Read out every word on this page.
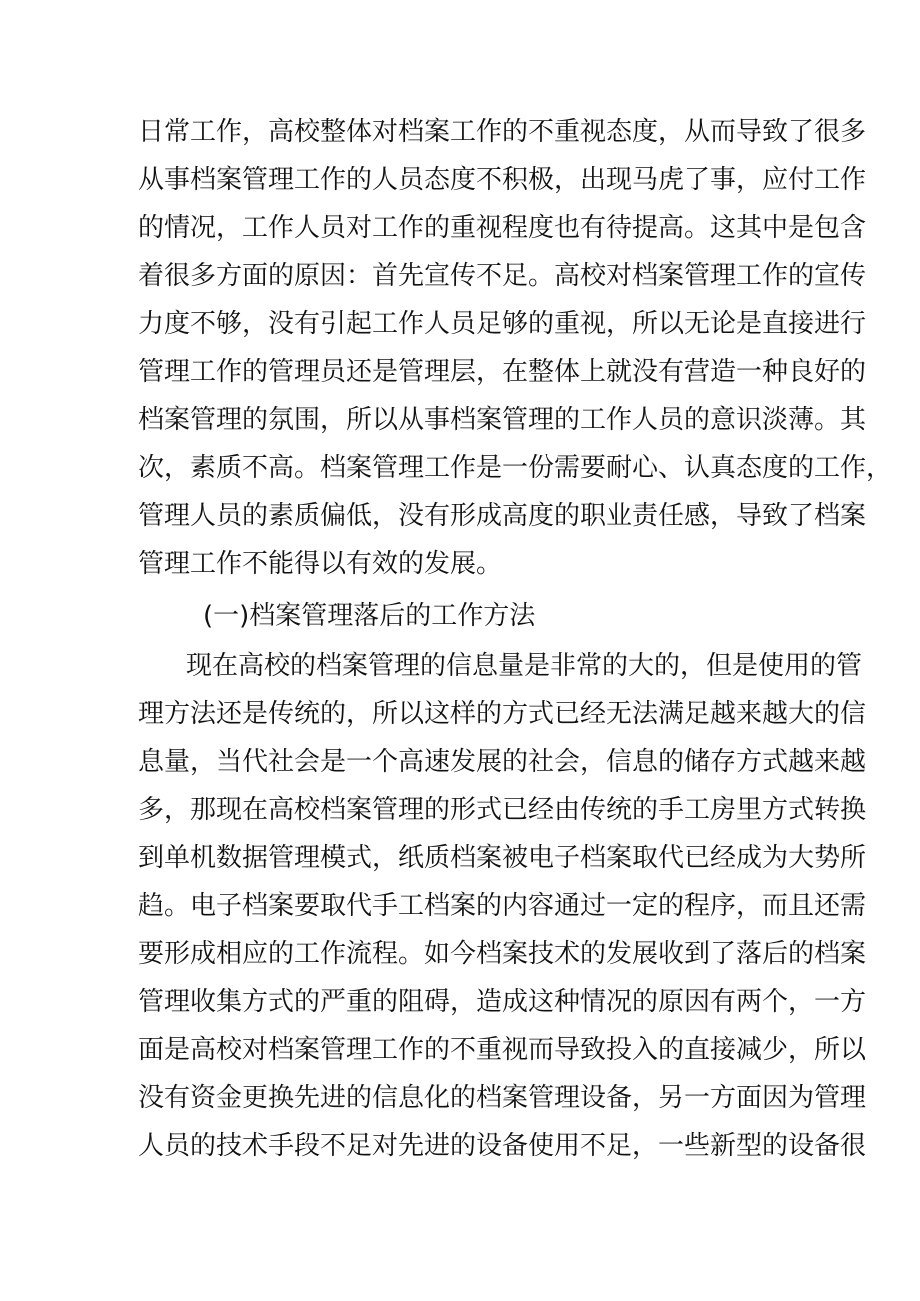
日常工作，高校整体对档案工作的不重视态度，从而导致了很多
从事档案管理工作的人员态度不积极，出现马虎了事，应付工作
的情况，工作人员对工作的重视程度也有待提高。这其中是包含
着很多方面的原因：首先宣传不足。高校对档案管理工作的宣传
力度不够，没有引起工作人员足够的重视，所以无论是直接进行
管理工作的管理员还是管理层，在整体上就没有营造一种良好的
档案管理的氛围，所以从事档案管理的工作人员的意识淡薄。其
次，素质不高。档案管理工作是一份需要耐心、认真态度的工作，
管理人员的素质偏低，没有形成高度的职业责任感，导致了档案
管理工作不能得以有效的发展。
(一)档案管理落后的工作方法
现在高校的档案管理的信息量是非常的大的，但是使用的管
理方法还是传统的，所以这样的方式已经无法满足越来越大的信
息量，当代社会是一个高速发展的社会，信息的储存方式越来越
多，那现在高校档案管理的形式已经由传统的手工房里方式转换
到单机数据管理模式，纸质档案被电子档案取代已经成为大势所
趋。电子档案要取代手工档案的内容通过一定的程序，而且还需
要形成相应的工作流程。如今档案技术的发展收到了落后的档案
管理收集方式的严重的阻碍，造成这种情况的原因有两个，一方
面是高校对档案管理工作的不重视而导致投入的直接减少，所以
没有资金更换先进的信息化的档案管理设备，另一方面因为管理
人员的技术手段不足对先进的设备使用不足，一些新型的设备很
